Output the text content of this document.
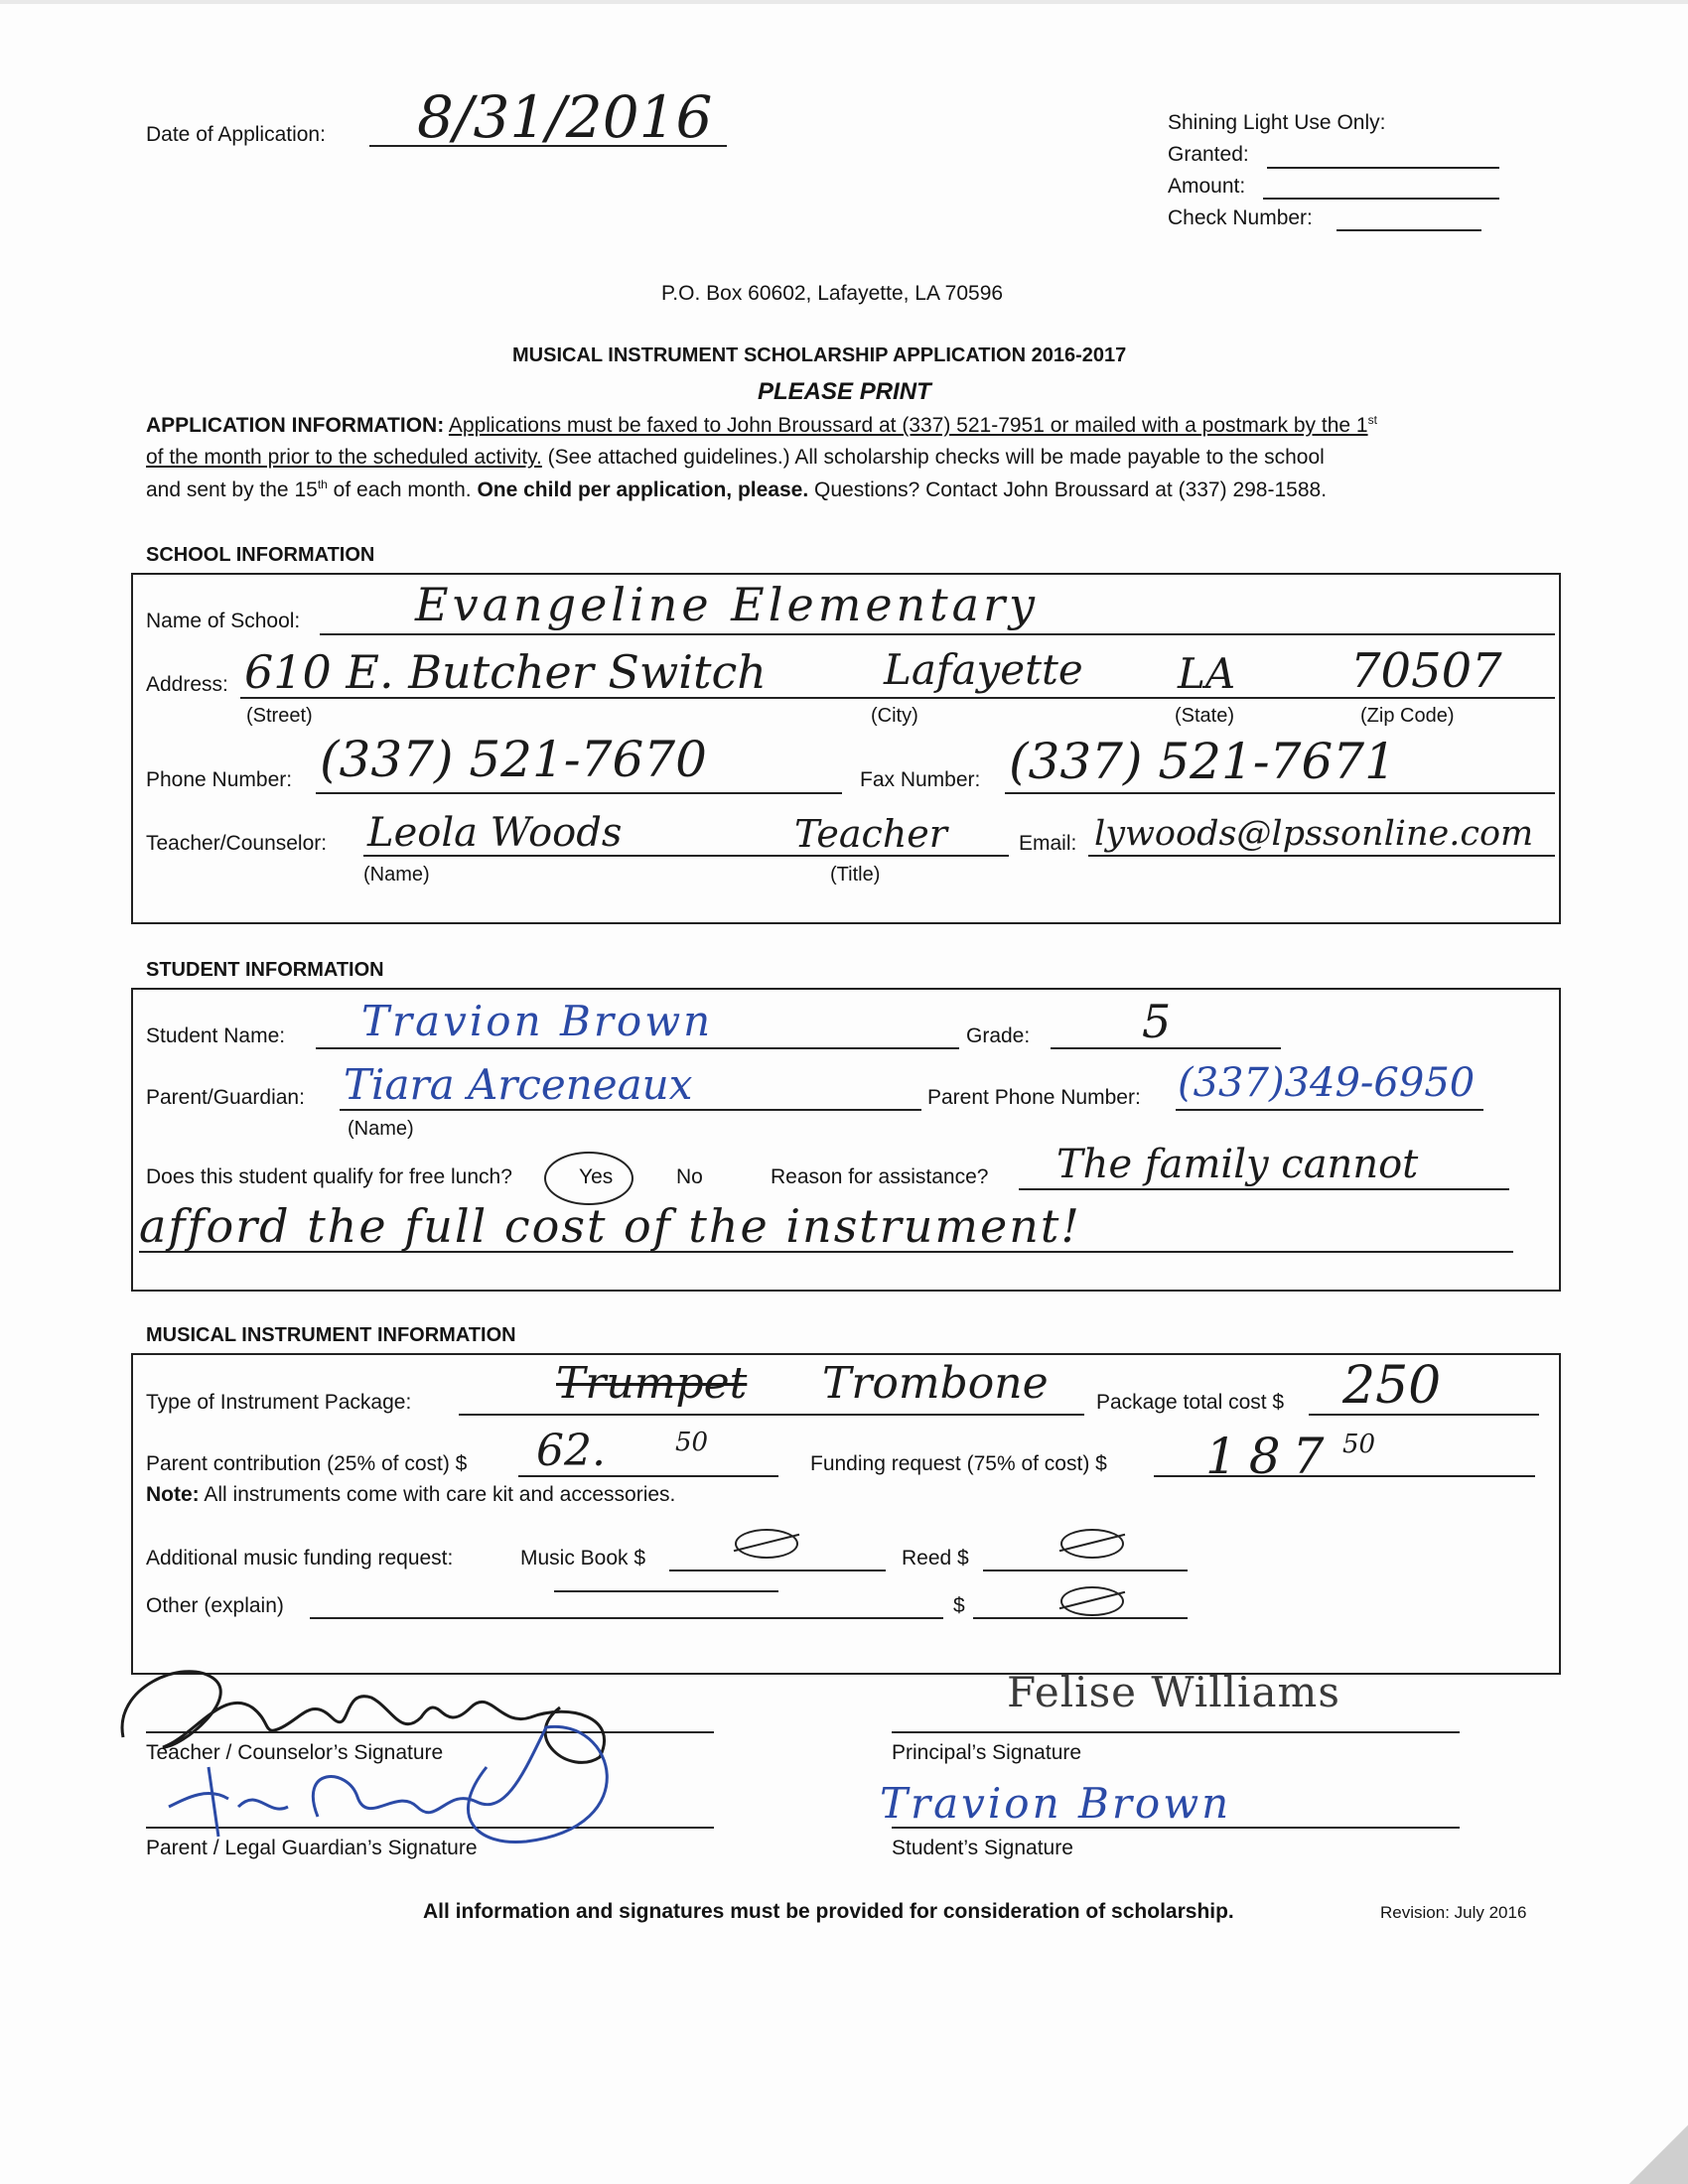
Date of Application: 8/31/2016	Shining Light Use Only:
Granted:
Amount:
Check Number:
P.O. Box 60602, Lafayette, LA 70596
MUSICAL INSTRUMENT SCHOLARSHIP APPLICATION 2016-2017
PLEASE PRINT
APPLICATION INFORMATION: Applications must be faxed to John Broussard at (337) 521-7951 or mailed with a postmark by the 1st
of the month prior to the scheduled activity. (See attached guidelines.) All scholarship checks will be made payable to the school
and sent by the 15th of each month. One child per application, please. Questions? Contact John Broussard at (337) 298-1588.
SCHOOL INFORMATION
Name of School:	Evangeline Elementary
Address: 610 E. Butcher Switch	Lafayette LA 70507
(Street)	(City)	(State)	(Zip Code)
Phone Number: (337) 521-7670	Fax Number: (337) 521-7671
Teacher/Counselor: Leola Woods	Teacher
(Name)	(Title)
Email: lywoods@lpssonline.com
STUDENT INFORMATION
Student Name: Travion Brown	Grade: 5
Parent/Guardian: Tiara Arceneaux
(Name)
Parent Phone Number: (337)349-6950
Does this student qualify for free lunch?	Yes	No	Reason for assistance? The family cannot
afford the full cost of the instrument!
MUSICAL INSTRUMENT INFORMATION
Type of Instrument Package:	Trumpet Trombone Package total cost $ 250
Parent contribution (25% of cost) $ 62.	50
Funding request (75% of cost) $ 187 50
Note: All instruments come with care kit and accessories.
Additional music funding request:	Music Book $	Reed $
Other (explain)	$
Teacher / Counselor’s Signature
Felise Williams
Principal’s Signature
Parent / Legal Guardian’s Signature
Travion Brown
Student’s Signature
All information and signatures must be provided for consideration of scholarship.	Revision: July 2016
